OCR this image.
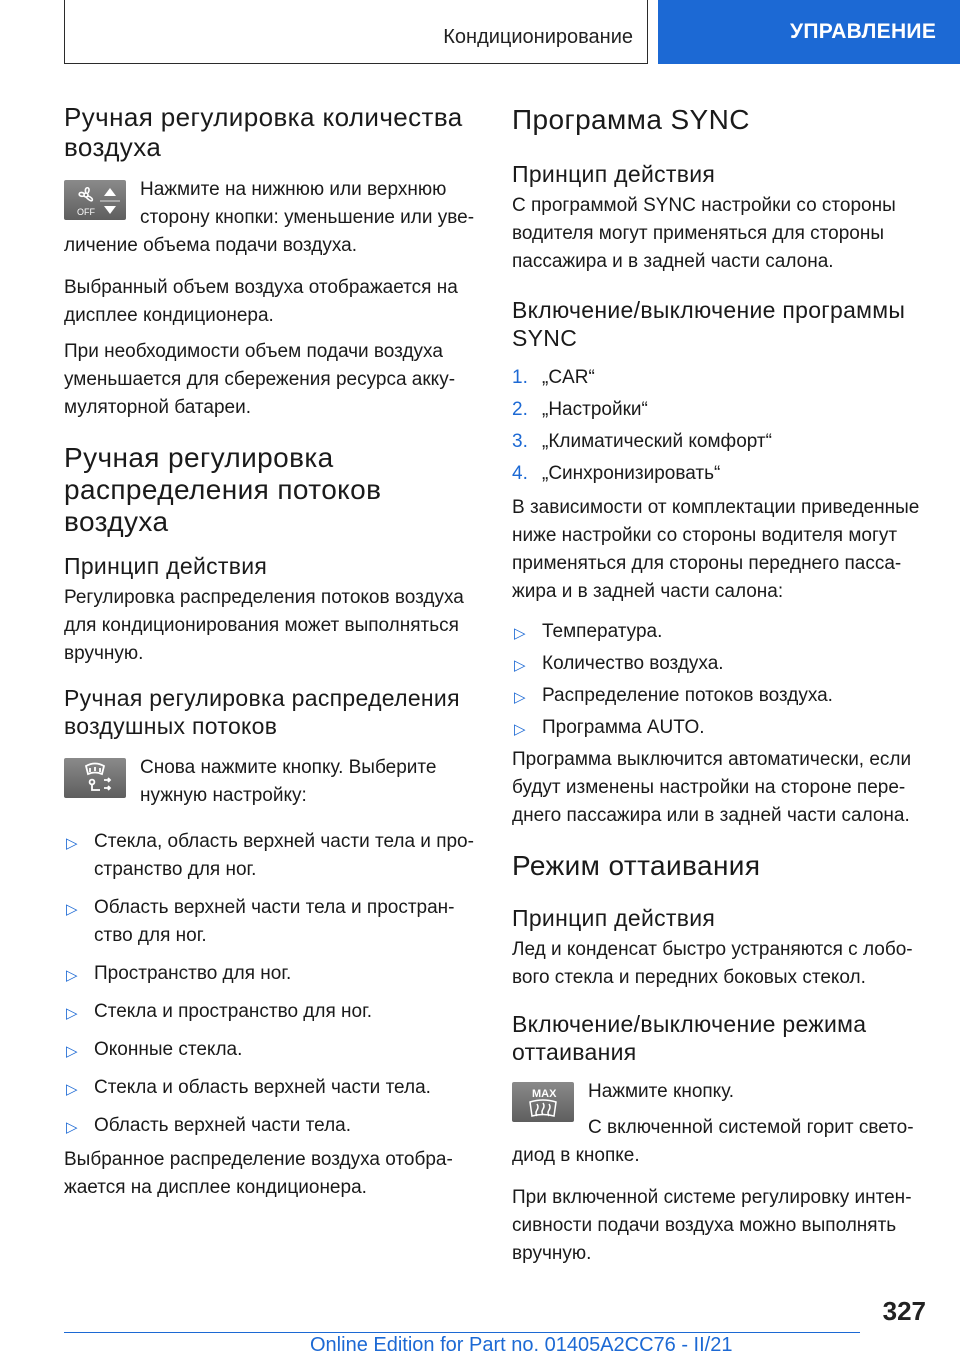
Кондиционирование	УПРАВЛЕНИЕ
Ручная регулировка количества воздуха
OFF

Нажмите на нижнюю или верхнюю сторону кнопки: уменьшение или увеличение объема подачи воздуха.

Выбранный объем воздуха отображается на дисплее кондиционера.

При необходимости объем подачи воздуха уменьшается для сбережения ресурса аккумуляторной батареи.

Ручная регулировка распределения потоков воздуха
Принцип действия

Регулировка распределения потоков воздуха для кондиционирования может выполняться вручную.

Ручная регулировка распределения воздушных потоков

Снова нажмите кнопку. Выберите нужную настройку:

▷ Стекла, область верхней части тела и пространство для ног.
▷ Область верхней части тела и пространство для ног.
▷ Пространство для ног.
▷ Стекла и пространство для ног.
▷ Оконные стекла.
▷ Стекла и область верхней части тела.
▷ Область верхней части тела.

Выбранное распределение воздуха отображается на дисплее кондиционера.

Программа SYNC
Принцип действия

С программой SYNC настройки со стороны водителя могут применяться для стороны пассажира и в задней части салона.

Включение/выключение программы SYNC
1. „CAR“
2. „Настройки“
3. „Климатический комфорт“
4. „Синхронизировать“

В зависимости от комплектации приведенные ниже настройки со стороны водителя могут применяться для стороны переднего пассажира и в задней части салона:

▷ Температура.
▷ Количество воздуха.
▷ Распределение потоков воздуха.
▷ Программа AUTO.

Программа выключится автоматически, если будут изменены настройки на стороне переднего пассажира или в задней части салона.

Режим оттаивания
Принцип действия

Лед и конденсат быстро устраняются с лобового стекла и передних боковых стекол.

Включение/выключение режима оттаивания
MAX	Нажмите кнопку.

С включенной системой горит светодиод в кнопке.

При включенной системе регулировку интенсивности подачи воздуха можно выполнять вручную.

327
Online Edition for Part no. 01405A2CC76 - II/21
